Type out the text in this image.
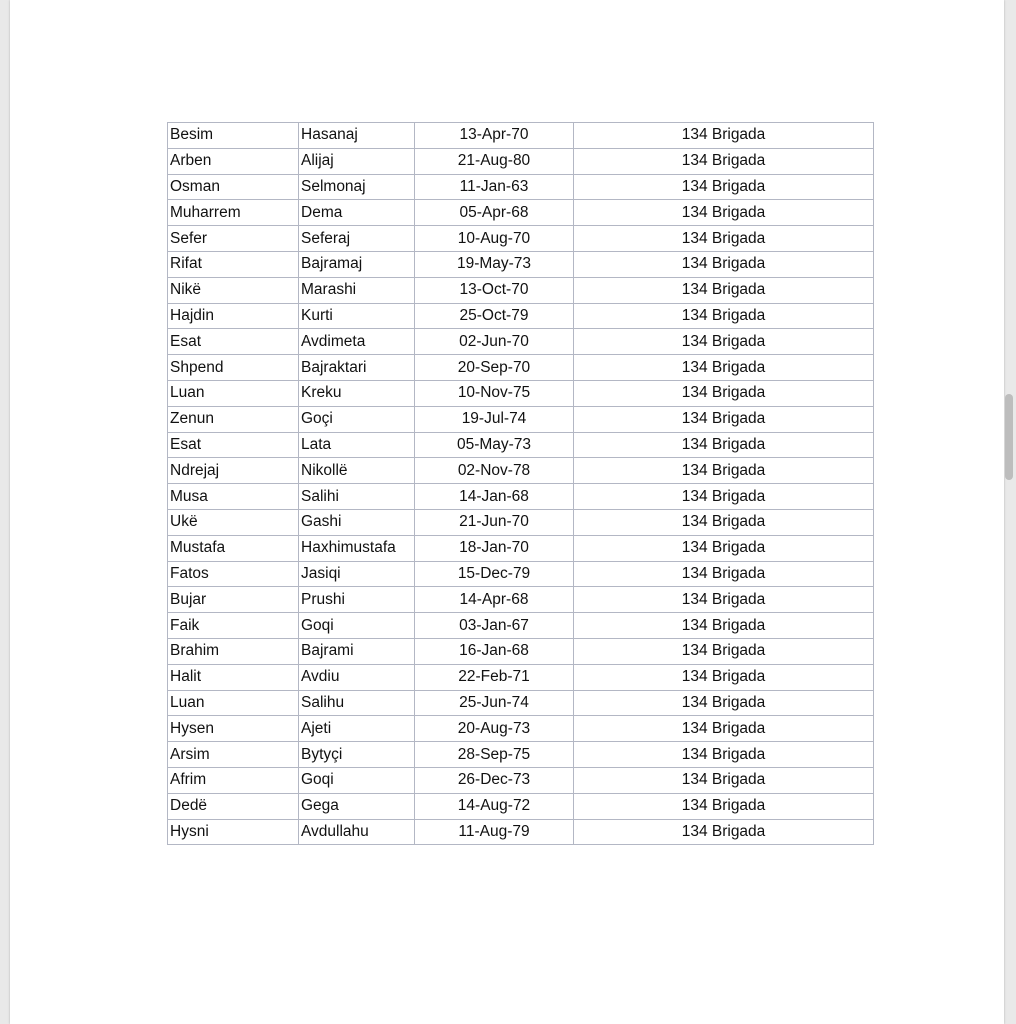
Besim	Hasanaj	13-Apr-70	134 Brigada
Arben	Alijaj	21-Aug-80	134 Brigada
Osman	Selmonaj	11-Jan-63	134 Brigada
Muharrem	Dema	05-Apr-68	134 Brigada
Sefer	Seferaj	10-Aug-70	134 Brigada
Rifat	Bajramaj	19-May-73	134 Brigada
Nikë	Marashi	13-Oct-70	134 Brigada
Hajdin	Kurti	25-Oct-79	134 Brigada
Esat	Avdimeta	02-Jun-70	134 Brigada
Shpend	Bajraktari	20-Sep-70	134 Brigada
Luan	Kreku	10-Nov-75	134 Brigada
Zenun	Goçi	19-Jul-74	134 Brigada
Esat	Lata	05-May-73	134 Brigada
Ndrejaj	Nikollë	02-Nov-78	134 Brigada
Musa	Salihi	14-Jan-68	134 Brigada
Ukë	Gashi	21-Jun-70	134 Brigada
Mustafa	Haxhimustafa	18-Jan-70	134 Brigada
Fatos	Jasiqi	15-Dec-79	134 Brigada
Bujar	Prushi	14-Apr-68	134 Brigada
Faik	Goqi	03-Jan-67	134 Brigada
Brahim	Bajrami	16-Jan-68	134 Brigada
Halit	Avdiu	22-Feb-71	134 Brigada
Luan	Salihu	25-Jun-74	134 Brigada
Hysen	Ajeti	20-Aug-73	134 Brigada
Arsim	Bytyçi	28-Sep-75	134 Brigada
Afrim	Goqi	26-Dec-73	134 Brigada
Dedë	Gega	14-Aug-72	134 Brigada
Hysni	Avdullahu	11-Aug-79	134 Brigada
